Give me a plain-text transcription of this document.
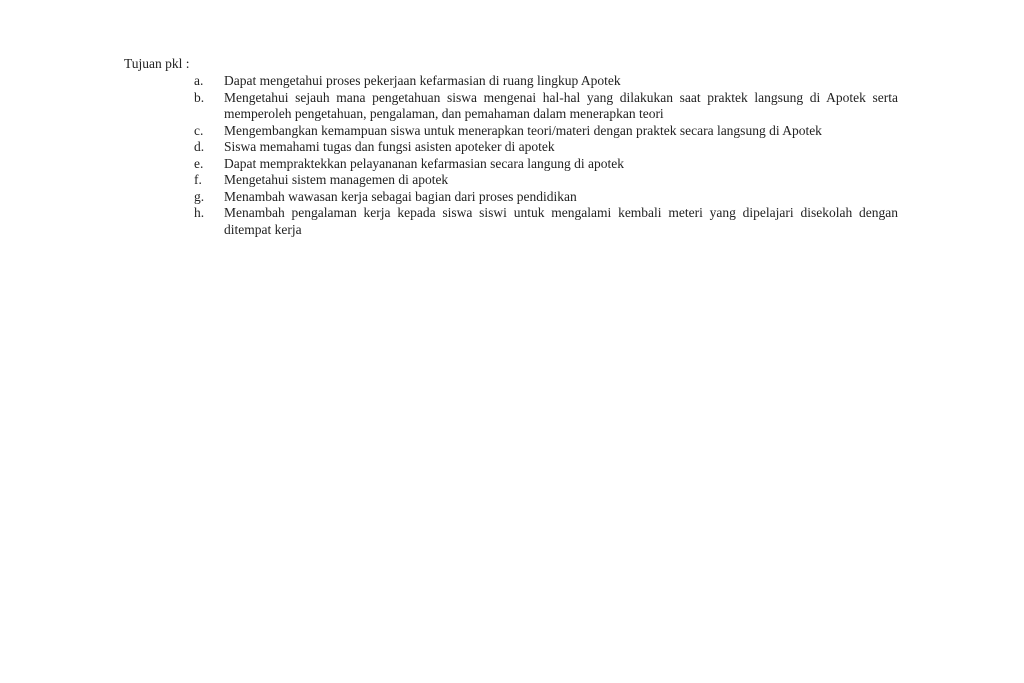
Tujuan pkl :
a.	Dapat mengetahui proses pekerjaan kefarmasian di ruang lingkup Apotek
b.	Mengetahui sejauh mana pengetahuan siswa mengenai hal-hal yang dilakukan saat praktek langsung di Apotek serta memperoleh pengetahuan, pengalaman, dan pemahaman dalam menerapkan teori
c.	Mengembangkan kemampuan siswa untuk menerapkan teori/materi dengan praktek secara langsung di Apotek
d.	Siswa memahami tugas dan fungsi asisten apoteker di apotek
e.	Dapat mempraktekkan pelayananan kefarmasian secara langung di apotek
f.	Mengetahui sistem managemen di apotek
g.	Menambah wawasan kerja sebagai bagian dari proses pendidikan
h.	Menambah pengalaman kerja kepada siswa siswi untuk mengalami kembali meteri yang dipelajari disekolah dengan ditempat kerja
